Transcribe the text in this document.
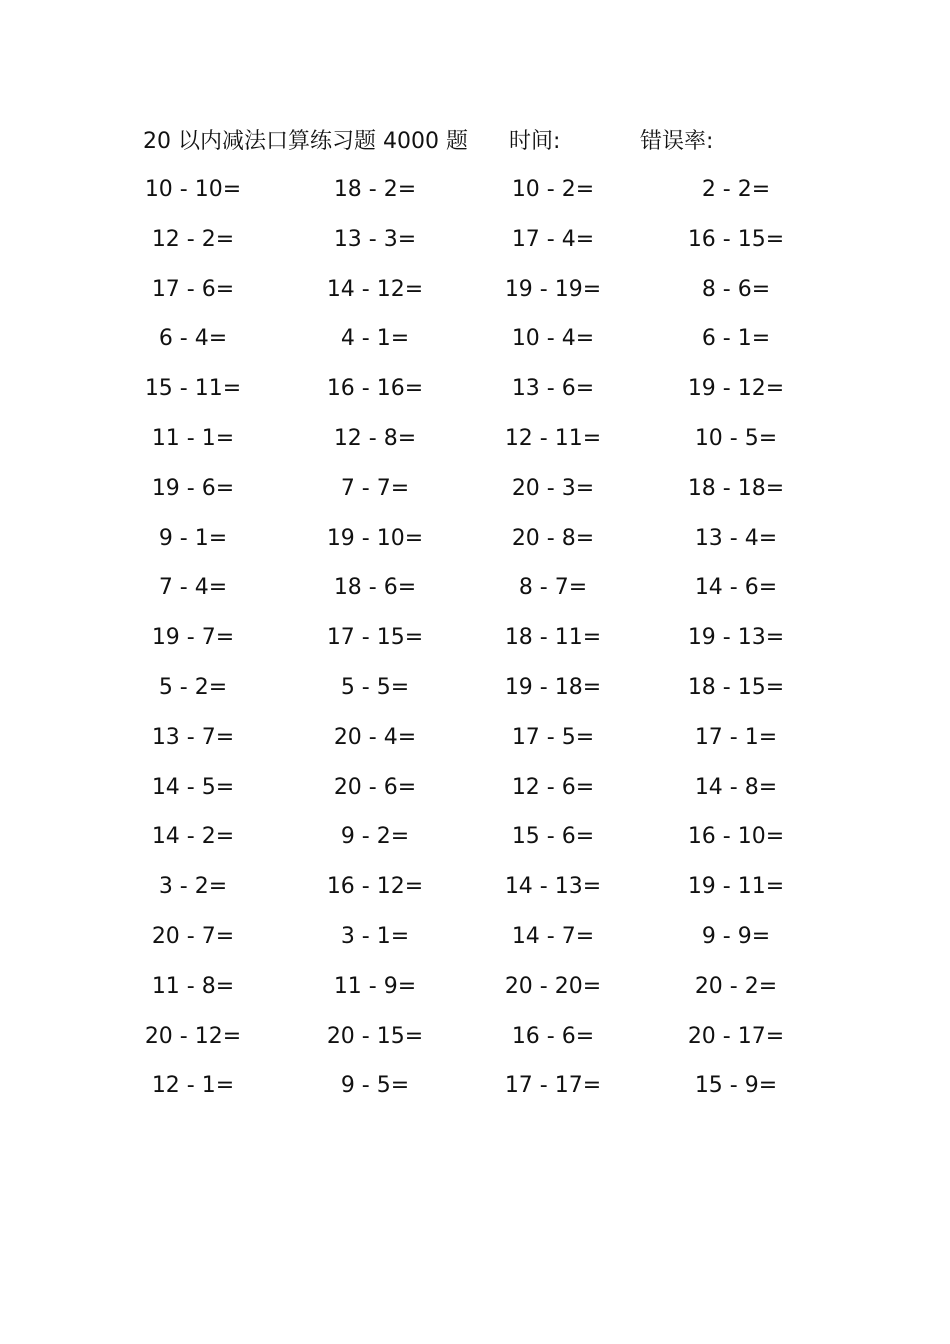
20 以内减法口算练习题 4000 题 时间:	错误率:
10 - 10=	18 - 2=	10 - 2=	2 - 2=
12 - 2=	13 - 3=	17 - 4=	16 - 15=
17 - 6=	14 - 12=	19 - 19=	8 - 6=
6 - 4=	4 - 1=	10 - 4=	6 - 1=
15 - 11=	16 - 16=	13 - 6=	19 - 12=
11 - 1=	12 - 8=	12 - 11=	10 - 5=
19 - 6=	7 - 7=	20 - 3=	18 - 18=
9 - 1=	19 - 10=	20 - 8=	13 - 4=
7 - 4=	18 - 6=	8 - 7=	14 - 6=
19 - 7=	17 - 15=	18 - 11=	19 - 13=
5 - 2=	5 - 5=	19 - 18=	18 - 15=
13 - 7=	20 - 4=	17 - 5=	17 - 1=
14 - 5=	20 - 6=	12 - 6=	14 - 8=
14 - 2=	9 - 2=	15 - 6=	16 - 10=
3 - 2=	16 - 12=	14 - 13=	19 - 11=
20 - 7=	3 - 1=	14 - 7=	9 - 9=
11 - 8=	11 - 9=	20 - 20=	20 - 2=
20 - 12=	20 - 15=	16 - 6=	20 - 17=
12 - 1=	9 - 5=	17 - 17=	15 - 9=
